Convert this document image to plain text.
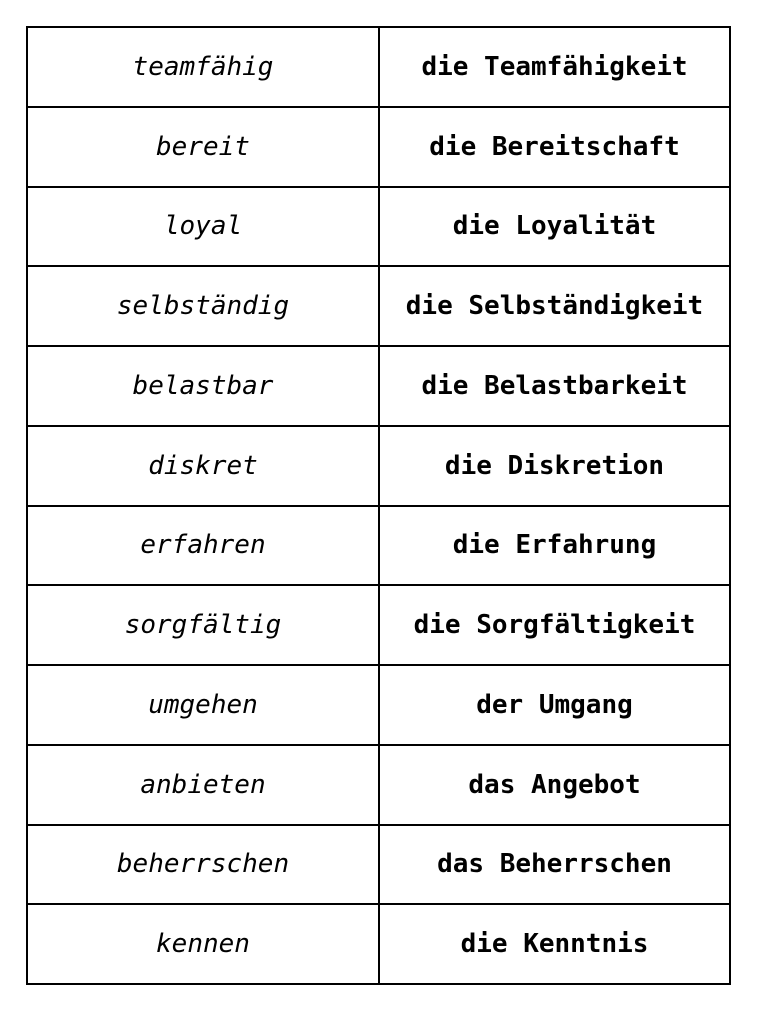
teamfähig	die Teamfähigkeit
bereit	die Bereitschaft
loyal	die Loyalität
selbständig	die Selbständigkeit
belastbar	die Belastbarkeit
diskret	die Diskretion
erfahren	die Erfahrung
sorgfältig	die Sorgfältigkeit
umgehen	der Umgang
anbieten	das Angebot
beherrschen	das Beherrschen
kennen	die Kenntnis
